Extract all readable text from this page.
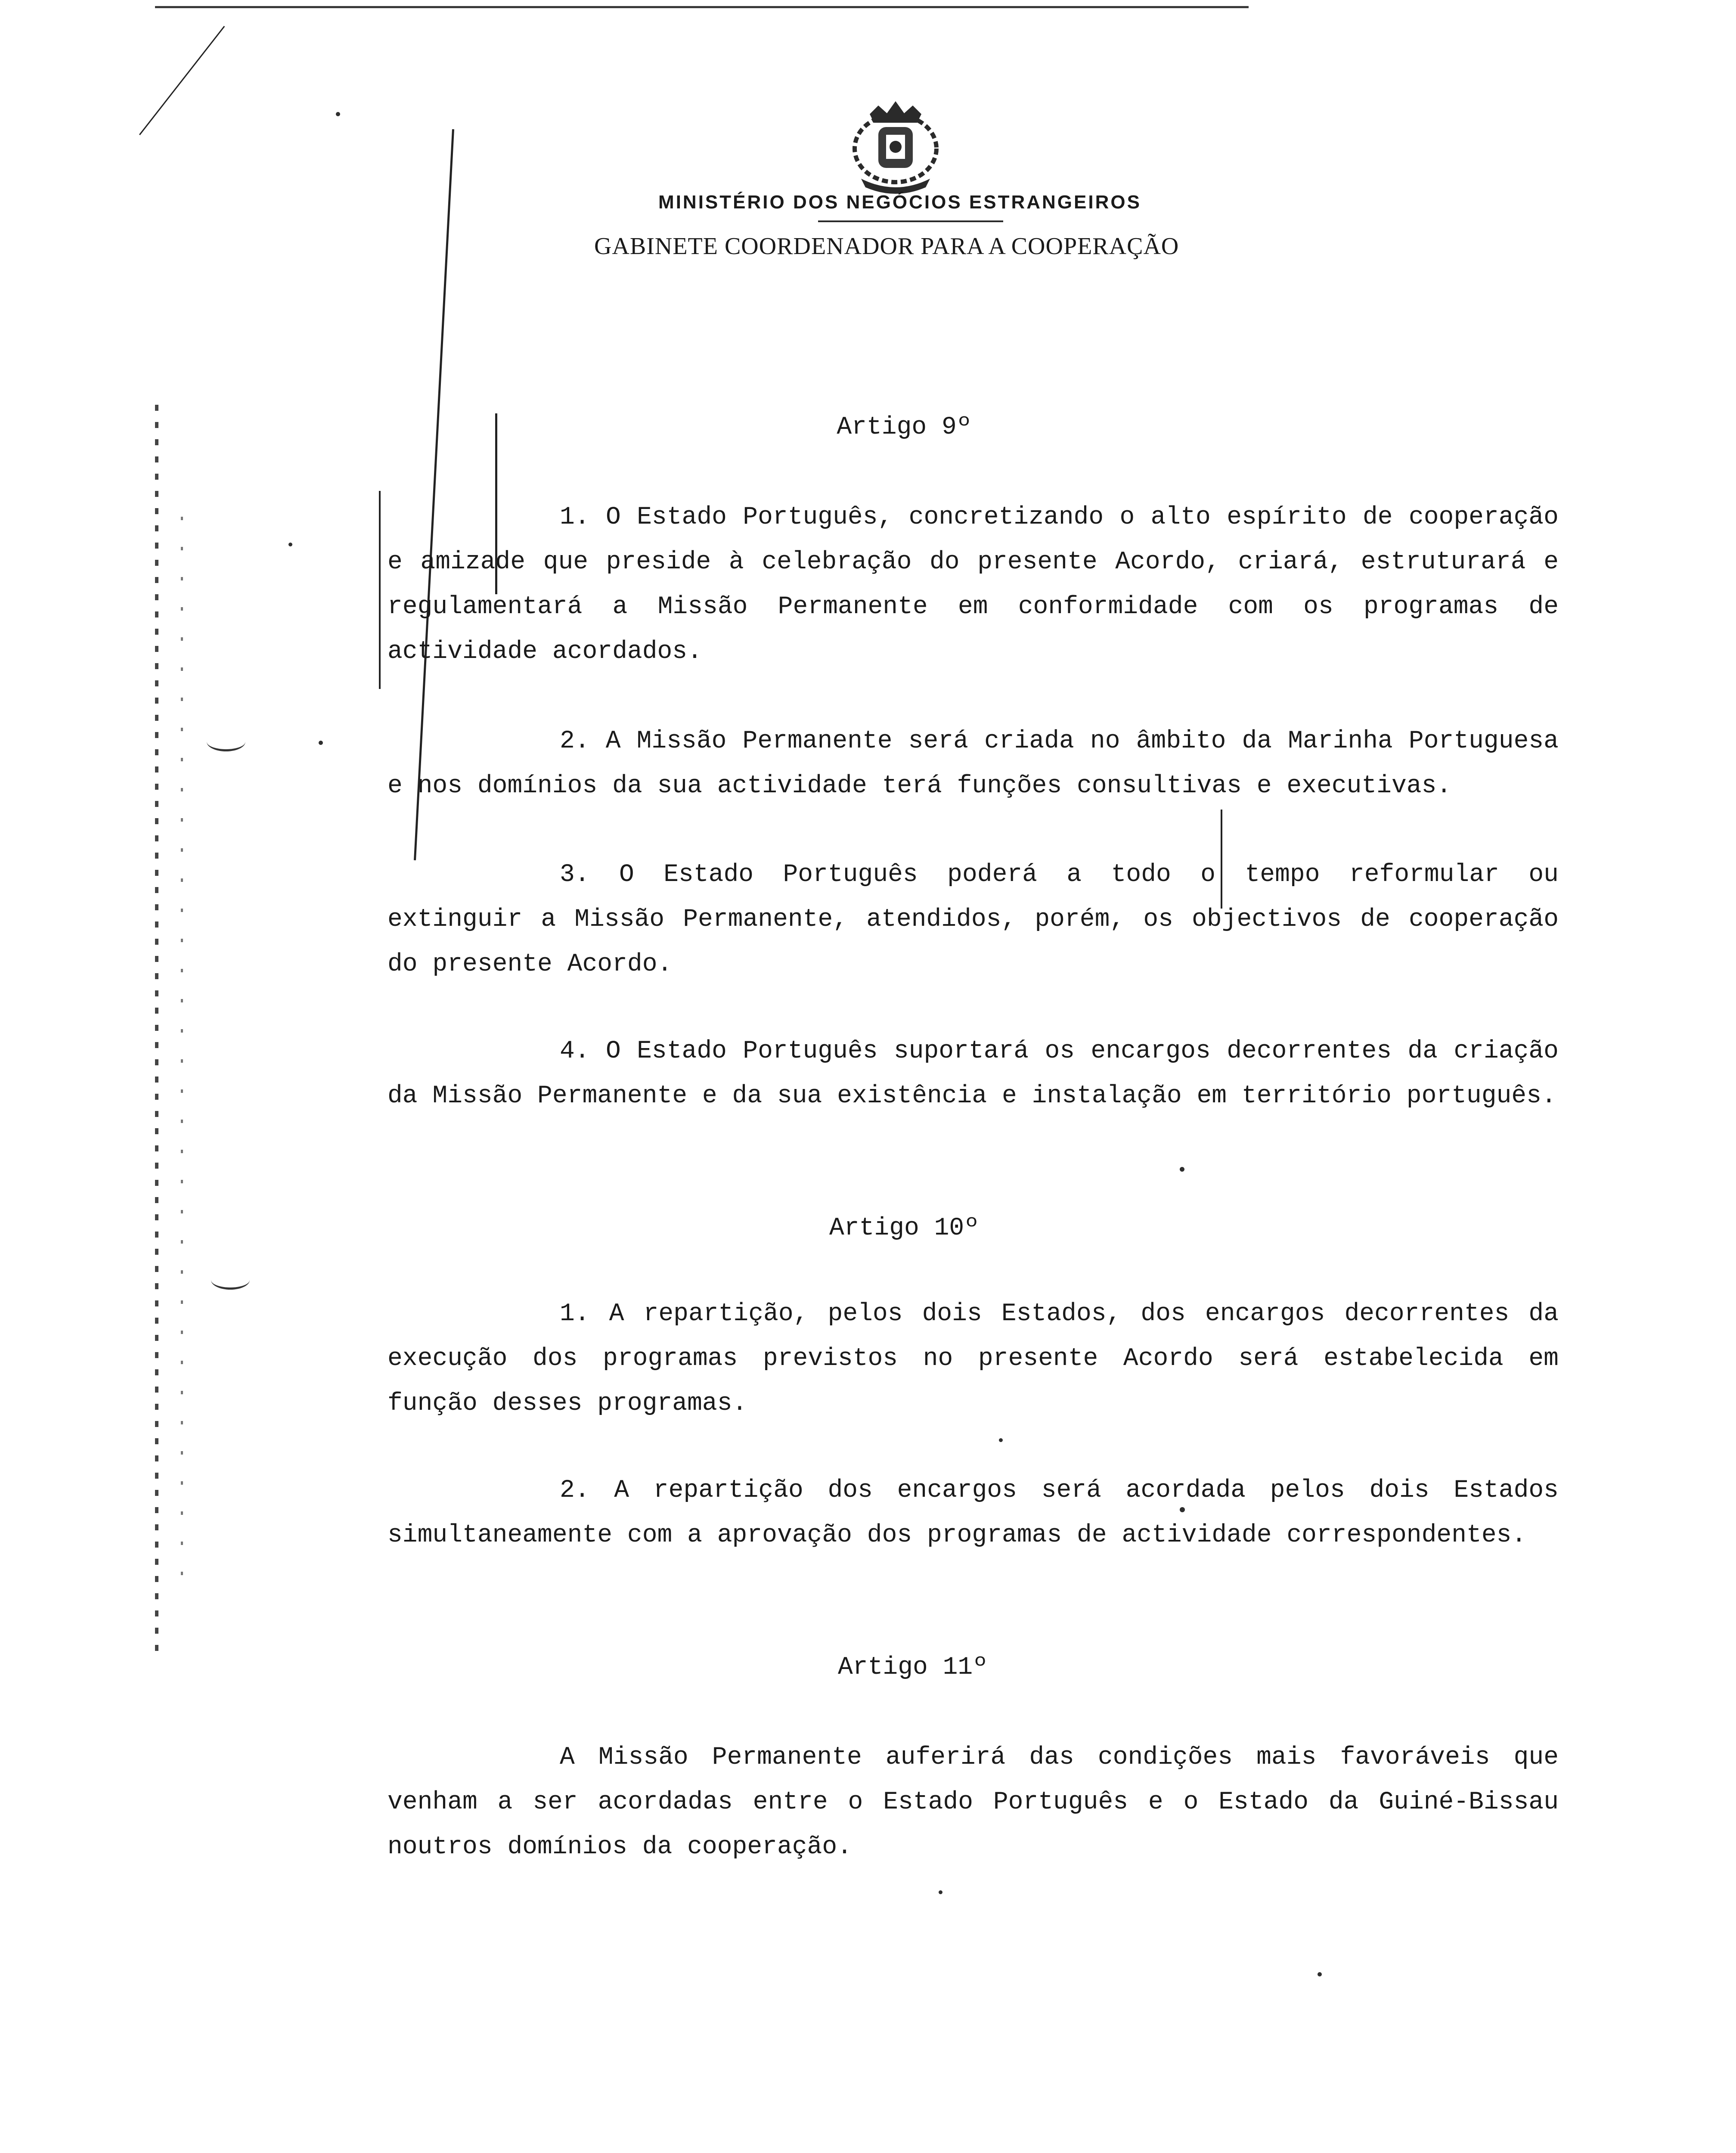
MINISTÉRIO DOS NEGÓCIOS ESTRANGEIROS
GABINETE COORDENADOR PARA A COOPERAÇÃO
Artigo 9º

1. O Estado Português, concretizando o alto espírito de cooperação e amizade que preside à celebração do presente Acordo, criará, estruturará e regulamentará a Missão Permanente em conformidade com os programas de actividade acordados.

2. A Missão Permanente será criada no âmbito da Marinha Portuguesa e nos domínios da sua actividade terá funções consultivas e executivas.

3. O Estado Português poderá a todo o tempo reformular ou extinguir a Missão Permanente, atendidos, porém, os objectivos de cooperação do presente Acordo.

4. O Estado Português suportará os encargos decorrentes da criação da Missão Permanente e da sua existência e instalação em território português.

Artigo 10º

1. A repartição, pelos dois Estados, dos encargos decorrentes da execução dos programas previstos no presente Acordo será estabelecida em função desses programas.

2. A repartição dos encargos será acordada pelos dois Estados simultaneamente com a aprovação dos programas de actividade correspondentes.

Artigo 11º

A Missão Permanente auferirá das condições mais favoráveis que venham a ser acordadas entre o Estado Português e o Estado da Guiné-Bissau noutros domínios da cooperação.
